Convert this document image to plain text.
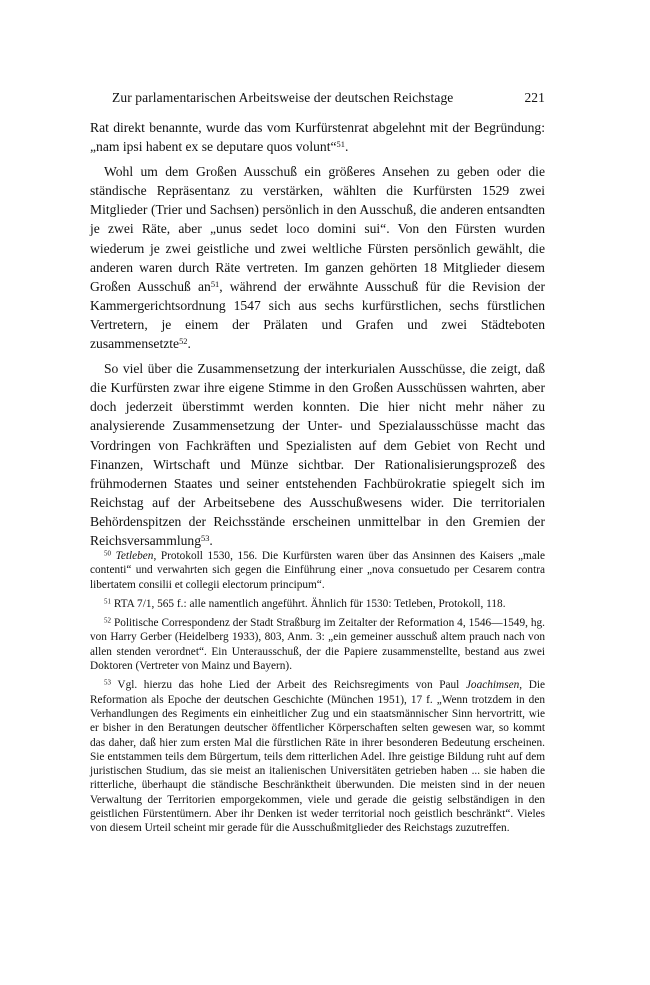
Zur parlamentarischen Arbeitsweise der deutschen Reichstage	221

Rat direkt benannte, wurde das vom Kurfürstenrat abgelehnt mit der Begründung: „nam ipsi habent ex se deputare quos volunt“$^{51}$.

Wohl um dem Großen Ausschuß ein größeres Ansehen zu geben oder die ständische Repräsentanz zu verstärken, wählten die Kurfürsten 1529 zwei Mitglieder (Trier und Sachsen) persönlich in den Ausschuß, die anderen entsandten je zwei Räte, aber „unus sedet loco domini sui“. Von den Fürsten wurden wiederum je zwei geistliche und zwei weltliche Fürsten persönlich gewählt, die anderen waren durch Räte vertreten. Im ganzen gehörten 18 Mitglieder diesem Großen Ausschuß $an^{51}$, während der erwähnte Ausschuß für die Revision der Kammergerichtsordnung 1547 sich aus sechs kurfürstlichen, sechs fürstlichen Vertretern, je einem der Prälaten und Grafen und zwei Städteboten zusammensetzte$^{52}$.

So viel über die Zusammensetzung der interkurialen Ausschüsse, die zeigt, daß die Kurfürsten zwar ihre eigene Stimme in den Großen Ausschüssen wahrten, aber doch jederzeit überstimmt werden konnten. Die hier nicht mehr näher zu analysierende Zusammensetzung der Unter- und Spezialausschüsse macht das Vordringen von Fachkräften und Spezialisten auf dem Gebiet von Recht und Finanzen, Wirtschaft und Münze sichtbar. Der Rationalisierungsprozeß des frühmodernen Staates und seiner entstehenden Fachbürokratie spiegelt sich im Reichstag auf der Arbeitsebene des Ausschußwesens wider. Die territorialen Behördenspitzen der Reichsstände erscheinen unmittelbar in den Gremien der Reichsversammlung$^{53}$.

$^{50}$ Tetleben, Protokoll 1530, 156. Die Kurfürsten waren über das Ansinnen des Kaisers „male contenti“ und verwahrten sich gegen die Einführung einer „nova consuetudo per Cesarem contra libertatem consilii et collegii electorum principum“.
$^{51}$ RTA 7/1, 565 f.: alle namentlich angeführt. Ähnlich für 1530: Tetleben, Protokoll, 118.
$^{52}$ Politische Correspondenz der Stadt Straßburg im Zeitalter der Reformation 4, 1546—1549, hg. von Harry Gerber (Heidelberg 1933), 803, Anm. 3: „ein gemeiner ausschuß altem prauch nach von allen stenden verordnet“. Ein Unterausschuß, der die Papiere zusammenstellte, bestand aus zwei Doktoren (Vertreter von Mainz und Bayern).
$^{53}$ Vgl. hierzu das hohe Lied der Arbeit des Reichsregiments von Paul Joachimsen, Die Reformation als Epoche der deutschen Geschichte (München 1951), 17 f. „Wenn trotzdem in den Verhandlungen des Regiments ein einheitlicher Zug und ein staatsmännischer Sinn hervortritt, wie er bisher in den Beratungen deutscher öffentlicher Körperschaften selten gewesen war, so kommt das daher, daß hier zum ersten Mal die fürstlichen Räte in ihrer besonderen Bedeutung erscheinen. Sie entstammen teils dem Bürgertum, teils dem ritterlichen Adel. Ihre geistige Bildung ruht auf dem juristischen Studium, das sie meist an italienischen Universitäten getrieben haben ... sie haben die ritterliche, überhaupt die ständische Beschränktheit überwunden. Die meisten sind in der neuen Verwaltung der Territorien emporgekommen, viele und gerade die geistig selbständigen in den geistlichen Fürstentümern. Aber ihr Denken ist weder territorial noch geistlich beschränkt“. Vieles von diesem Urteil scheint mir gerade für die Ausschußmitglieder des Reichstags zuzutreffen.
